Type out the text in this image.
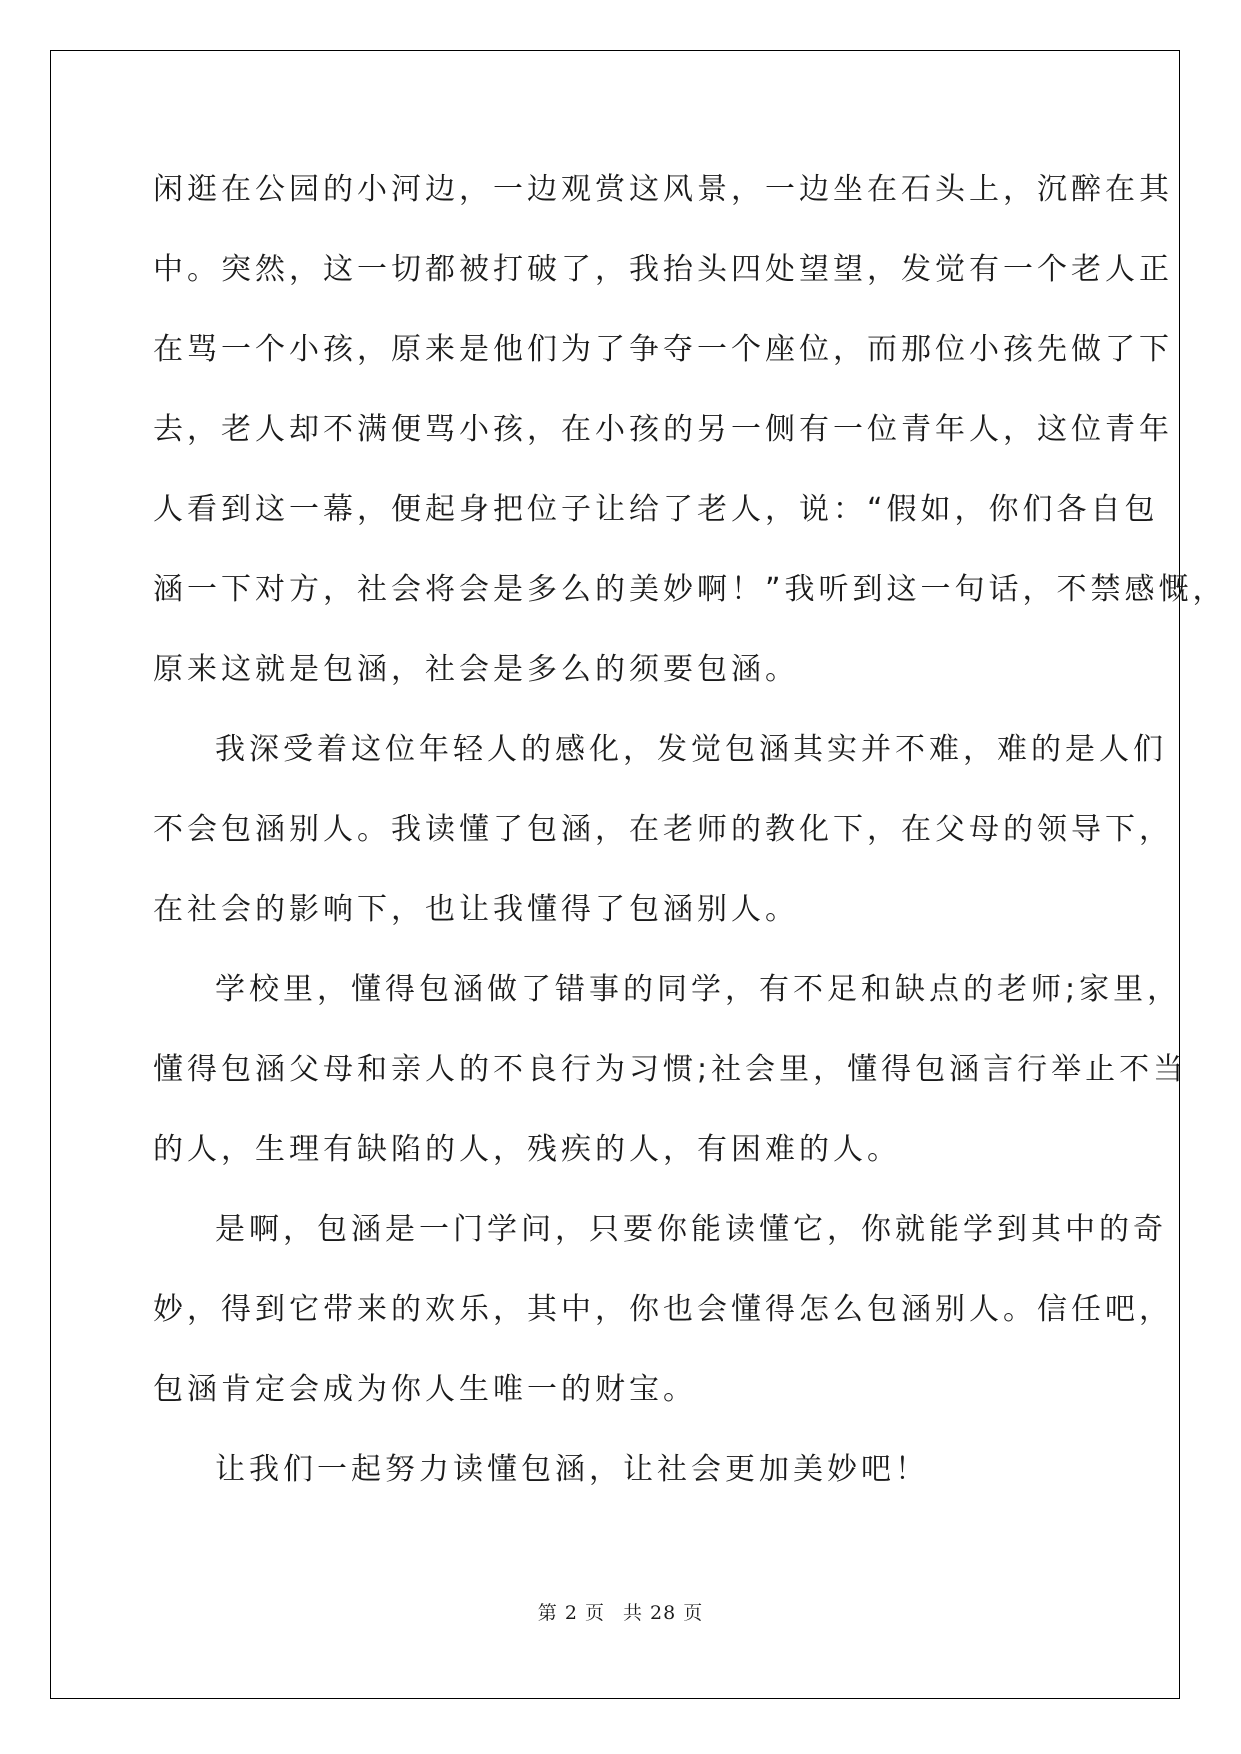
闲逛在公园的小河边，一边观赏这风景，一边坐在石头上，沉醉在其
中。突然，这一切都被打破了，我抬头四处望望，发觉有一个老人正
在骂一个小孩，原来是他们为了争夺一个座位，而那位小孩先做了下
去，老人却不满便骂小孩，在小孩的另一侧有一位青年人，这位青年
人看到这一幕，便起身把位子让给了老人，说：“假如，你们各自包
涵一下对方，社会将会是多么的美妙啊！”我听到这一句话，不禁感慨，
原来这就是包涵，社会是多么的须要包涵。
我深受着这位年轻人的感化，发觉包涵其实并不难，难的是人们
不会包涵别人。我读懂了包涵，在老师的教化下，在父母的领导下，
在社会的影响下，也让我懂得了包涵别人。
学校里，懂得包涵做了错事的同学，有不足和缺点的老师;家里，
懂得包涵父母和亲人的不良行为习惯;社会里，懂得包涵言行举止不当
的人，生理有缺陷的人，残疾的人，有困难的人。
是啊，包涵是一门学问，只要你能读懂它，你就能学到其中的奇
妙，得到它带来的欢乐，其中，你也会懂得怎么包涵别人。信任吧，
包涵肯定会成为你人生唯一的财宝。
让我们一起努力读懂包涵，让社会更加美妙吧！
第 2 页 共 28 页
